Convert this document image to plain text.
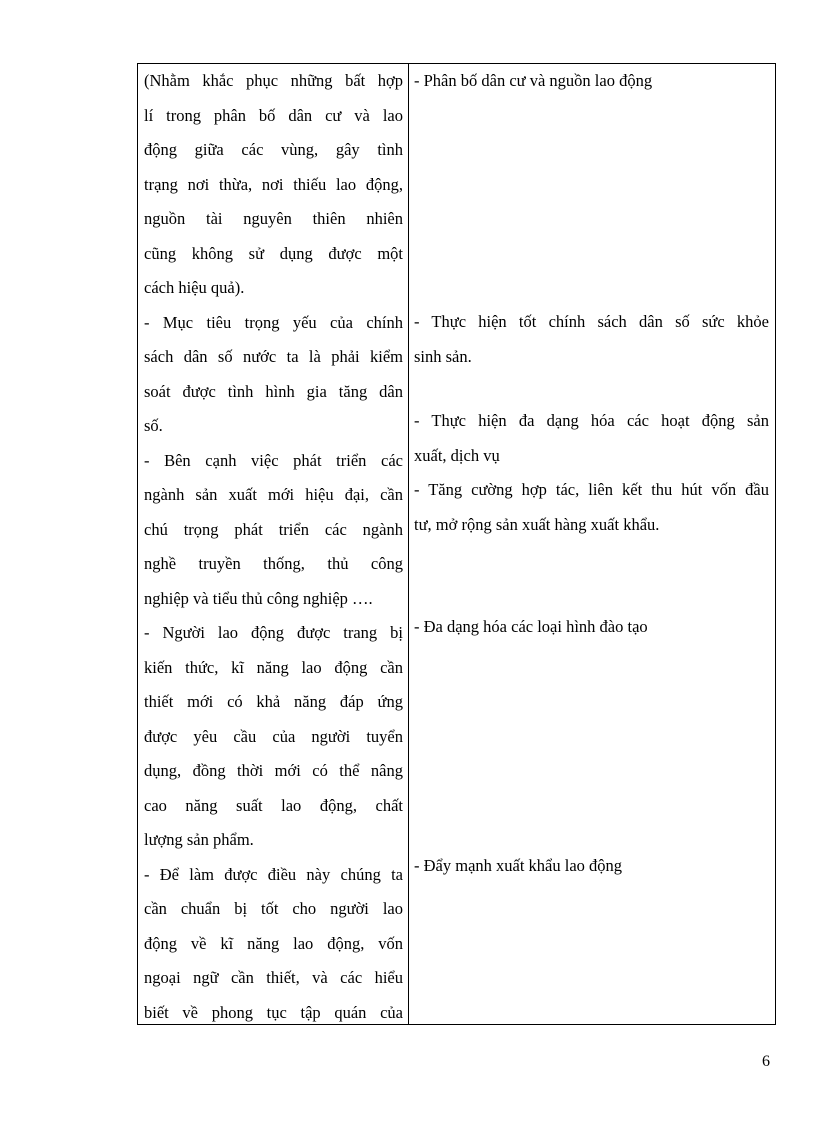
(Nhằm khắc phục những bất hợp
lí trong phân bố dân cư và lao
động giữa các vùng, gây tình
trạng nơi thừa, nơi thiếu lao động,
nguồn tài nguyên thiên nhiên
cũng không sử dụng được một
cách hiệu quả).
- Mục tiêu trọng yếu của chính
sách dân số nước ta là phải kiểm
soát được tình hình gia tăng dân
số.
- Bên cạnh việc phát triển các
ngành sản xuất mới hiệu đại, cần
chú trọng phát triển các ngành
nghề truyền thống, thủ công
nghiệp và tiểu thủ công nghiệp ….
- Người lao động được trang bị
kiến thức, kĩ năng lao động cần
thiết mới có khả năng đáp ứng
được yêu cầu của người tuyển
dụng, đồng thời mới có thể nâng
cao năng suất lao động, chất
lượng sản phẩm.
- Để làm được điều này chúng ta
cần chuẩn bị tốt cho người lao
động về kĩ năng lao động, vốn
ngoại ngữ cần thiết, và các hiểu
biết về phong tục tập quán của
- Phân bố dân cư và nguồn lao động
- Thực hiện tốt chính sách dân số sức khỏe
sinh sản.
- Thực hiện đa dạng hóa các hoạt động sản
xuất, dịch vụ
- Tăng cường hợp tác, liên kết thu hút vốn đầu
tư, mở rộng sản xuất hàng xuất khẩu.
- Đa dạng hóa các loại hình đào tạo
- Đẩy mạnh xuất khẩu lao động
6
